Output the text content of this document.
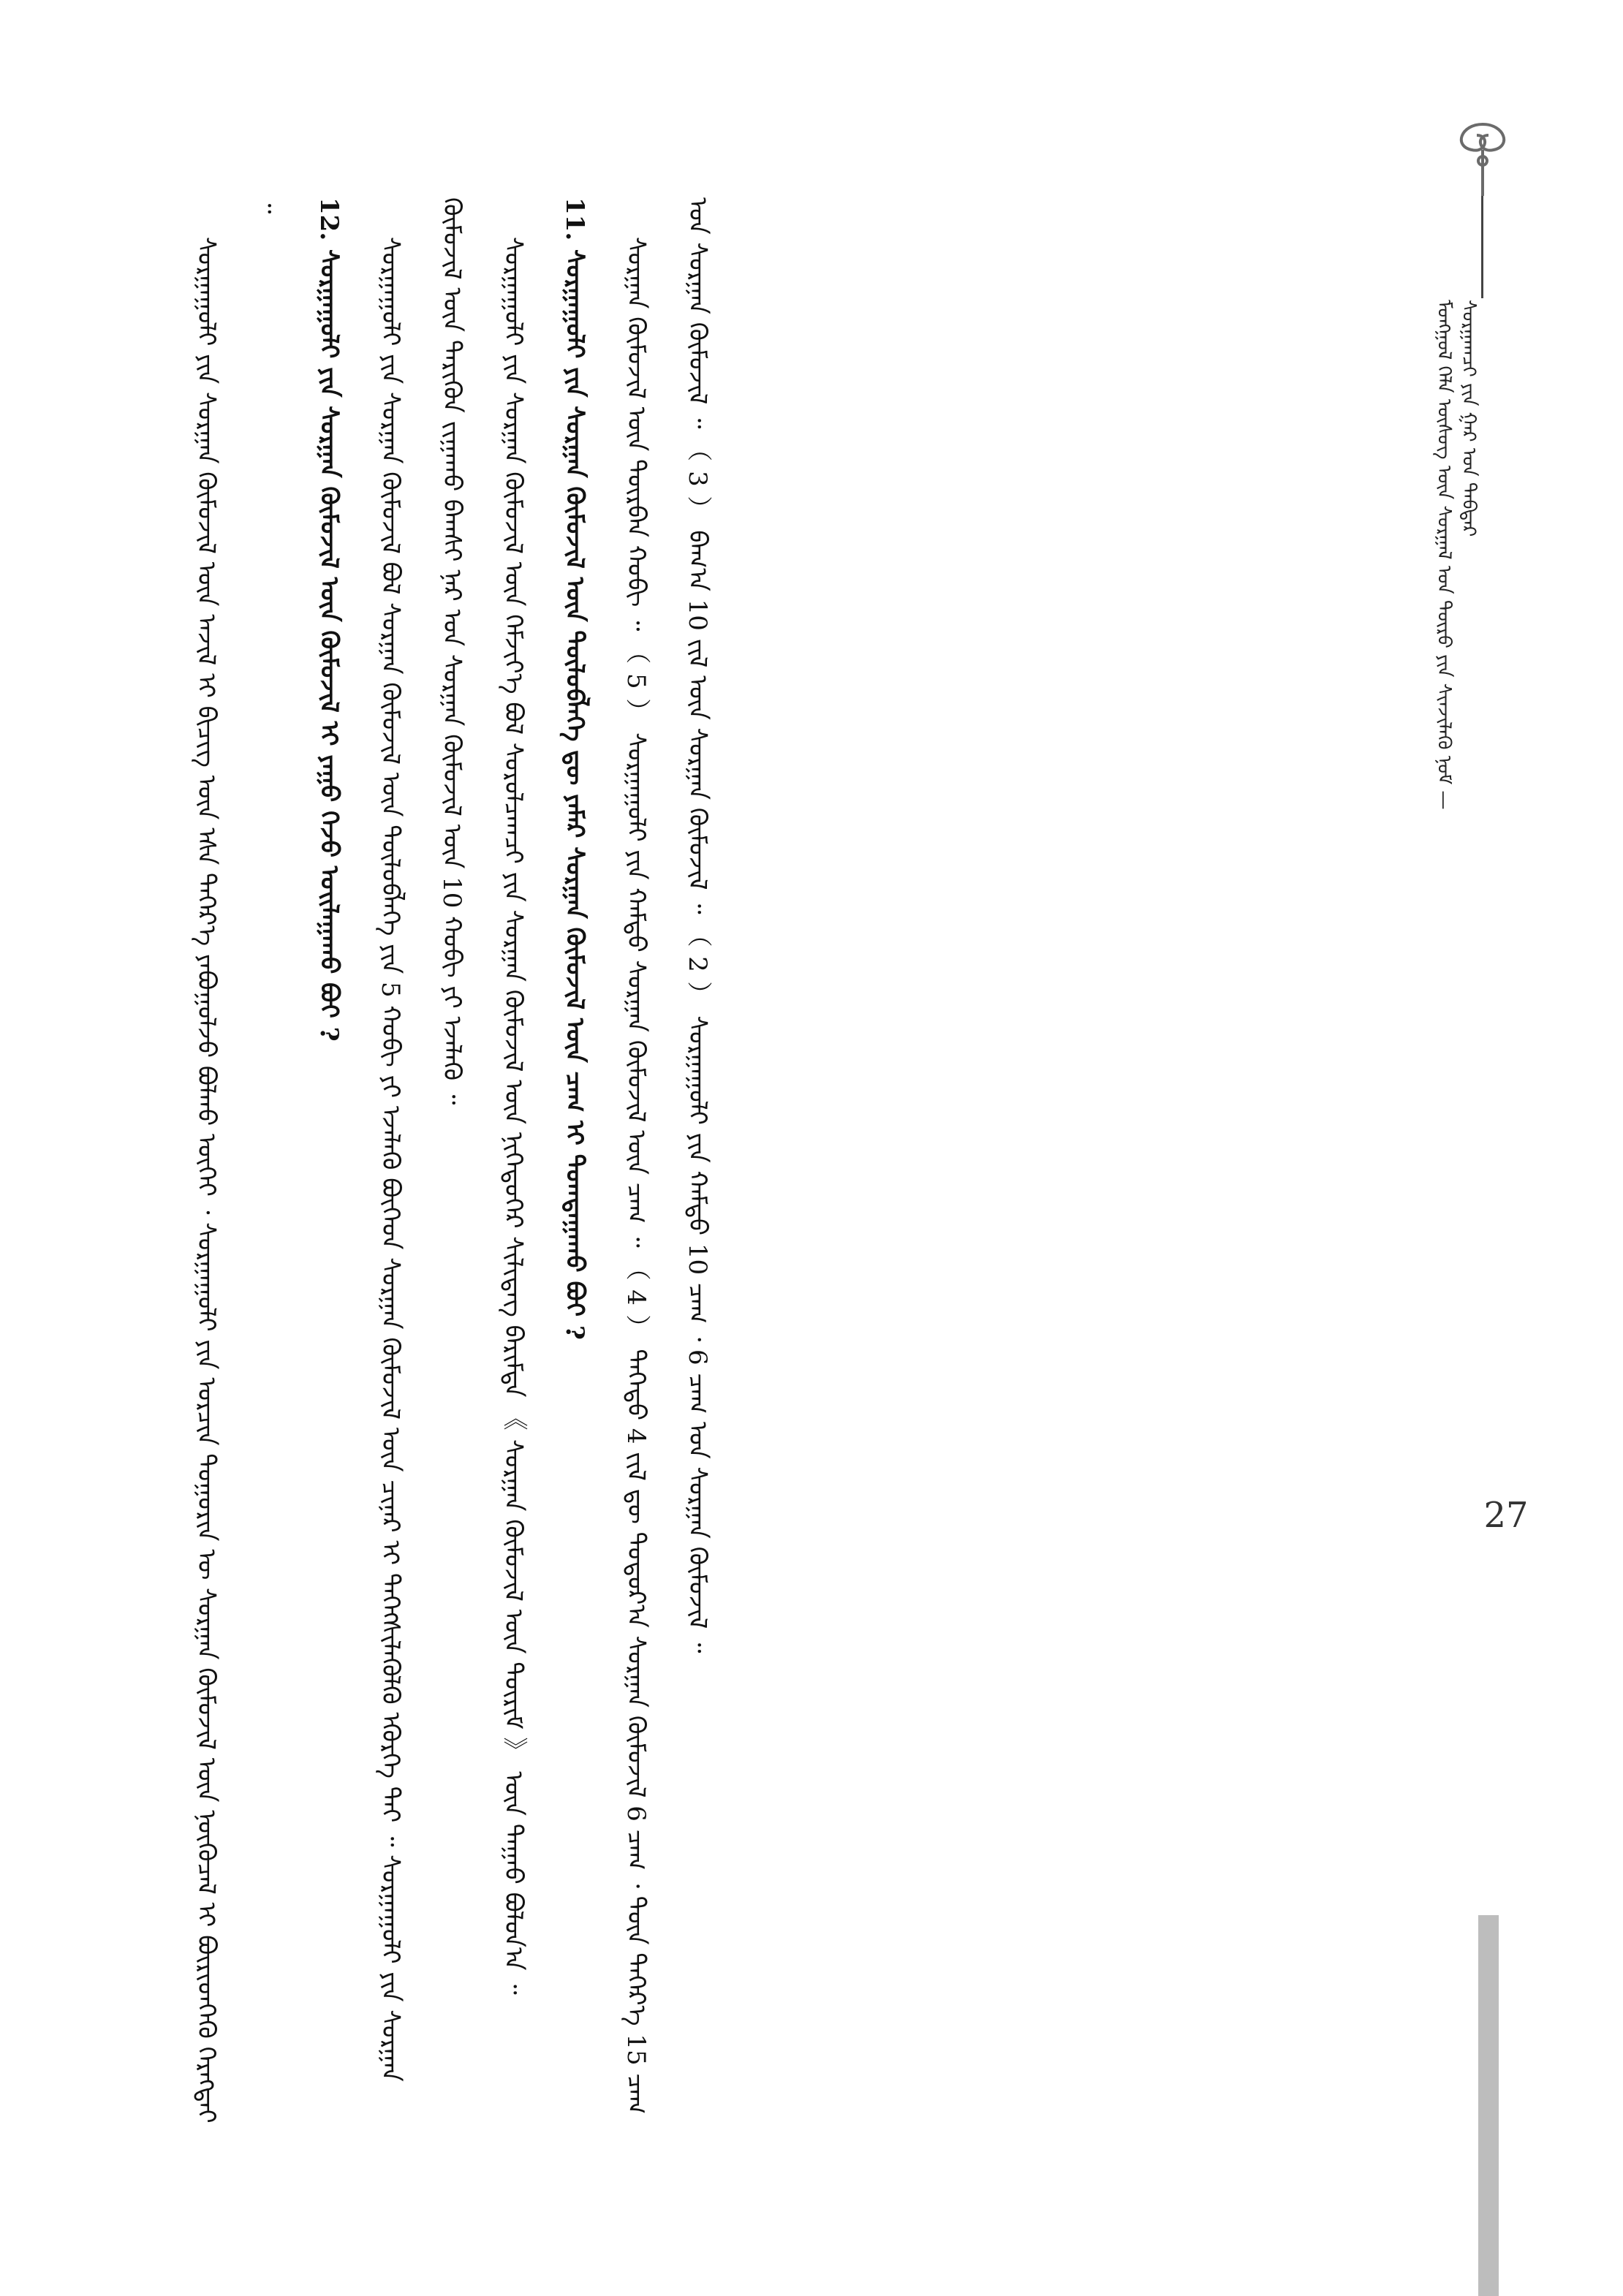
ᠮᠣᠩᠭᠣᠯ ᠬᠡᠯᠡ ᠦᠰᠦᠭ ᠦᠨ ᠰᠤᠷᠭᠠᠯ ᠤᠨ ᠲᠦᠷᠦ ᠶᠢᠨ ᠰᠢᠨᠵᠢᠯᠡᠬᠦ ᠨᠣᠮ — ᠰᠤᠷᠭᠠᠭᠴᠢ ᠶᠢᠨ ᠭᠠᠷ ᠤᠨ ᠳᠡᠪᠲᠡᠷ

ᠰᠤᠷᠭᠠᠭᠤᠯᠢ ᠶᠢᠨ ᠰᠤᠷᠭᠠᠨ ᠬᠥᠮᠦᠵᠢᠯ ᠦᠨ ᠠᠵᠢᠯ ᠢ ᠪᠢᠴᠢᠭ ᠦᠨ ᠡᠰᠡ ᠳᠡᠭᠡᠷ᠎ᠡ ᠶᠠᠪᠤᠭᠤᠯᠵᠤ ᠪᠣᠯᠬᠤ ᠦᠭᠡᠢ ᠂ ᠰᠤᠷᠭᠠᠭᠤᠯᠢ ᠶᠢᠨ ᠣᠷᠴᠢᠨ ᠲᠣᠭᠣᠷᠢᠨ ᠦ ᠰᠤᠷᠭᠠᠨ ᠬᠥᠮᠦᠵᠢᠯ ᠦᠨ ᠨᠥᠬᠦᠴᠡᠯ ᠢ ᠪᠦᠷᠢᠳᠬᠡᠬᠦ ᠬᠡᠷᠡᠭᠲᠡᠢ ᠃	12. ᠰᠤᠷᠭᠠᠭᠤᠯᠢ ᠶᠢᠨ ᠰᠤᠷᠭᠠᠨ ᠬᠥᠮᠦᠵᠢᠯ ᠦᠨ ᠬᠦᠮᠦᠵᠢᠯ ᠢ ᠶᠠᠭᠤ ᠭᠡᠵᠦ ᠣᠢᠯᠠᠭᠠᠬᠤ ᠪᠤᠢ ?	ᠰᠤᠷᠭᠠᠭᠤᠯᠢ ᠶᠢᠨ ᠰᠤᠷᠭᠠᠨ ᠬᠥᠮᠦᠵᠢᠯ ᠪᠣᠯ ᠰᠤᠷᠭᠠᠨ ᠬᠥᠮᠦᠵᠢᠯ ᠦᠨ ᠲᠥᠯᠦᠪᠯᠡᠭᠡ ᠶᠢᠨ 5 ᠬᠤᠪᠢ ᠶᠢ ᠡᠵᠡᠯᠡᠬᠦ ᠪᠥᠭᠡᠳ ᠰᠤᠷᠭᠠᠨ ᠬᠥᠮᠦᠵᠢᠯ ᠦᠨ ᠴᠢᠨᠠᠷ ᠢ ᠳᠡᠭᠡᠭᠰᠢᠯᠡᠭᠦᠯᠬᠦ ᠡᠭᠦᠷᠭᠡ ᠲᠠᠢ ᠃ ᠰᠤᠷᠭᠠᠭᠤᠯᠢ ᠶᠢᠨ ᠰᠤᠷᠭᠠᠨ ᠬᠥᠮᠦᠵᠢᠯ ᠦᠨ ᠲᠡᠷᠢᠭᠦᠨ ᠵᠢᠭᠠᠬᠤ ᠪᠠᠭᠰᠢ ᠨᠠᠷ ᠤᠨ ᠰᠤᠷᠭᠠᠨ ᠬᠥᠮᠦᠵᠢᠯ ᠦᠨ 10 ᠬᠤᠪᠢ ᠶᠢ ᠡᠵᠡᠯᠡᠬᠦ ᠃	ᠰᠤᠷᠭᠠᠭᠤᠯᠢ ᠶᠢᠨ ᠰᠤᠷᠭᠠᠨ ᠬᠥᠮᠦᠵᠢᠯ ᠦᠨ ᠬᠡᠮᠵᠢᠶ᠎ᠡ ᠪᠣᠯ ᠰᠤᠷᠤᠯᠴᠠᠭᠴᠢ ᠶᠢᠨ ᠰᠤᠷᠭᠠᠨ ᠬᠥᠮᠦᠵᠢᠯ ᠦᠨ ᠨᠢᠭᠡᠳᠦᠭᠡᠷ ᠰᠢᠯᠢᠳᠡᠭ ᠪᠠᠷᠢᠮᠲᠠ 《 ᠰᠤᠷᠭᠠᠨ ᠬᠥᠮᠦᠵᠢᠯ ᠦᠨ ᠳᠦᠷᠢᠮ 》 ᠦᠨ ᠳᠠᠭᠠᠤ ᠪᠣᠯᠤᠨ᠎ᠠ ᠃

11. ᠰᠤᠷᠭᠠᠭᠤᠯᠢ ᠶᠢᠨ ᠰᠤᠷᠭᠠᠨ ᠬᠥᠮᠦᠵᠢᠯ ᠦᠨ ᠲᠥᠯᠦᠪᠯᠡᠭᠡ ᠳᠦ ᠶᠠᠮᠠᠷ ᠰᠤᠷᠭᠠᠨ ᠬᠥᠮᠦᠵᠢᠯ ᠦᠨ ᠴᠠᠭ ᠢ ᠲᠣᠭᠲᠠᠭᠠᠬᠤ ᠪᠤᠢ ?	ᠰᠤᠷᠭᠠᠨ ᠬᠥᠮᠦᠵᠢᠯ ᠦᠨ ᠳᠥᠷᠪᠡᠨ ᠬᠤᠪᠢ ᠃ （ 5 ） ᠰᠤᠷᠭᠠᠭᠤᠯᠢ ᠶᠢᠨ ᠬᠠᠮᠲᠤ ᠰᠤᠷᠭᠠᠨ ᠬᠥᠮᠦᠵᠢᠯ ᠦᠨ ᠴᠠᠭ ᠃ （ 4 ） ᠳᠡᠭᠡᠳᠦ 4 ᠵᠢᠯ ᠳᠦ ᠳᠣᠲᠣᠷ᠎ᠠ ᠰᠤᠷᠭᠠᠨ ᠬᠥᠮᠦᠵᠢᠯ 6 ᠴᠠᠭ ᠂ ᠳᠦᠨ ᠳᠡᠭᠡᠷ᠎ᠡ 15 ᠴᠠᠭ ᠤᠨ ᠰᠤᠷᠭᠠᠨ ᠬᠥᠮᠦᠵᠢᠯ ᠃ （ 3 ） ᠪᠠᠭ᠎ᠠ 10 ᠵᠢᠯ ᠦᠨ ᠰᠤᠷᠭᠠᠨ ᠬᠥᠮᠦᠵᠢᠯ ᠃ （ 2 ） ᠰᠤᠷᠭᠠᠭᠤᠯᠢ ᠶᠢᠨ ᠬᠠᠮᠲᠤ 10 ᠴᠠᠭ ᠂ 6 ᠴᠠᠭ ᠤᠨ ᠰᠤᠷᠭᠠᠨ ᠬᠥᠮᠦᠵᠢᠯ ᠃	27
